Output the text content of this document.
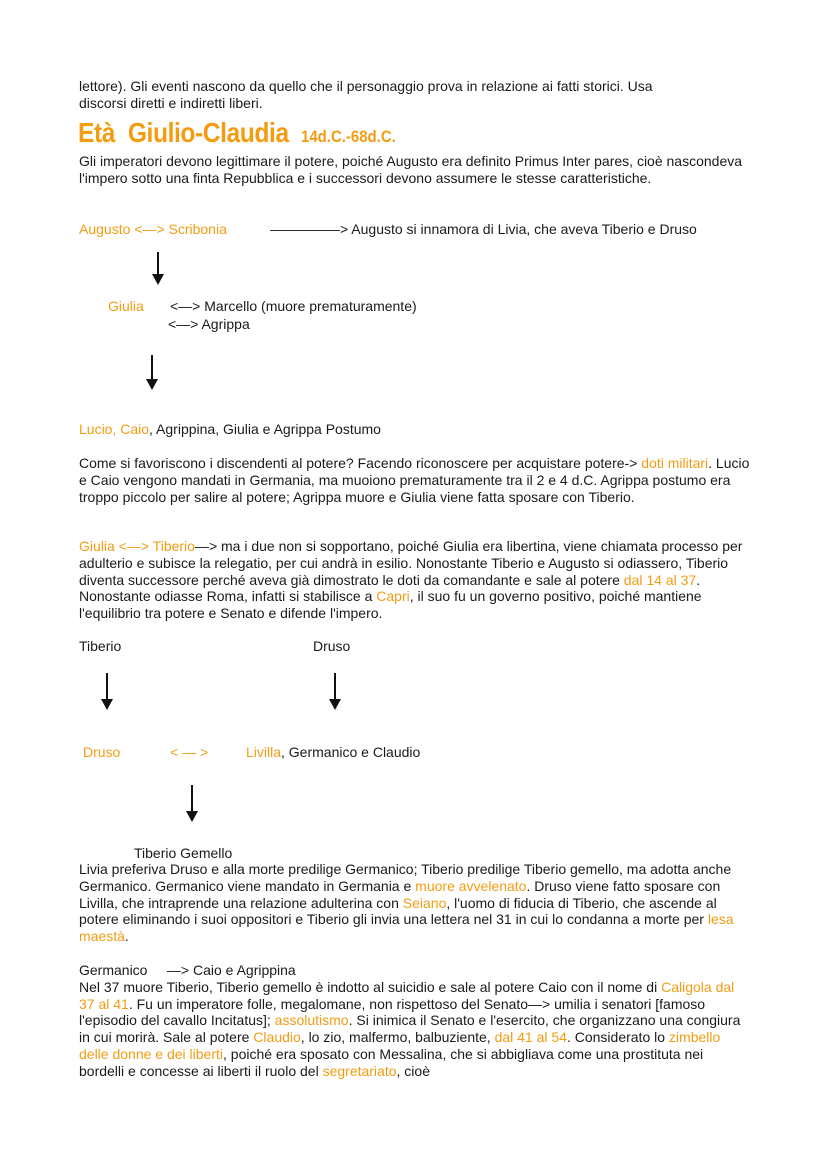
lettore). Gli eventi nascono da quello che il personaggio prova in relazione ai fatti storici. Usa

discorsi diretti e indiretti liberi.

Età  Giulio-Claudia 14d.C.-68d.C.

Gli imperatori devono legittimare il potere, poiché Augusto era definito Primus Inter pares, cioè nascondeva l'impero sotto una finta Repubblica e i successori devono assumere le stesse caratteristiche.

Augusto <—> Scribonia	—————> Augusto si innamora di Livia, che aveva Tiberio e Druso
Giulia <—> Marcello (muore prematuramente)
<—> Agrippa
Lucio, Caio, Agrippina, Giulia e Agrippa Postumo

Come si favoriscono i discendenti al potere? Facendo riconoscere per acquistare potere-> doti militari. Lucio e Caio vengono mandati in Germania, ma muoiono prematuramente tra il 2 e 4 d.C. Agrippa postumo era troppo piccolo per salire al potere; Agrippa muore e Giulia viene fatta sposare con Tiberio.

Giulia <—> Tiberio—> ma i due non si sopportano, poiché Giulia era libertina, viene chiamata processo per adulterio e subisce la relegatio, per cui andrà in esilio. Nonostante Tiberio e Augusto si odiassero, Tiberio diventa successore perché aveva già dimostrato le doti da comandante e sale al potere dal 14 al 37. Nonostante odiasse Roma, infatti si stabilisce a Capri, il suo fu un governo positivo, poiché mantiene l'equilibrio tra potere e Senato e difende l'impero.

Tiberio	Druso
Druso	< — >	Livilla, Germanico e Claudio
Tiberio Gemello

Livia preferiva Druso e alla morte predilige Germanico; Tiberio predilige Tiberio gemello, ma adotta anche Germanico. Germanico viene mandato in Germania e muore avvelenato. Druso viene fatto sposare con Livilla, che intraprende una relazione adulterina con Seiano, l'uomo di fiducia di Tiberio, che ascende al potere eliminando i suoi oppositori e Tiberio gli invia una lettera nel 31 in cui lo condanna a morte per lesa maestà.

Germanico     —> Caio e Agrippina

Nel 37 muore Tiberio, Tiberio gemello è indotto al suicidio e sale al potere Caio con il nome di Caligola dal 37 al 41. Fu un imperatore folle, megalomane, non rispettoso del Senato—> umilia i senatori [famoso l'episodio del cavallo Incitatus]; assolutismo. Si inimica il Senato e l'esercito, che organizzano una congiura in cui morirà. Sale al potere Claudio, lo zio, malfermo, balbuziente, dal 41 al 54. Considerato lo zimbello delle donne e dei liberti, poiché era sposato con Messalina, che si abbigliava come una prostituta nei bordelli e concesse ai liberti il ruolo del segretariato, cioè
